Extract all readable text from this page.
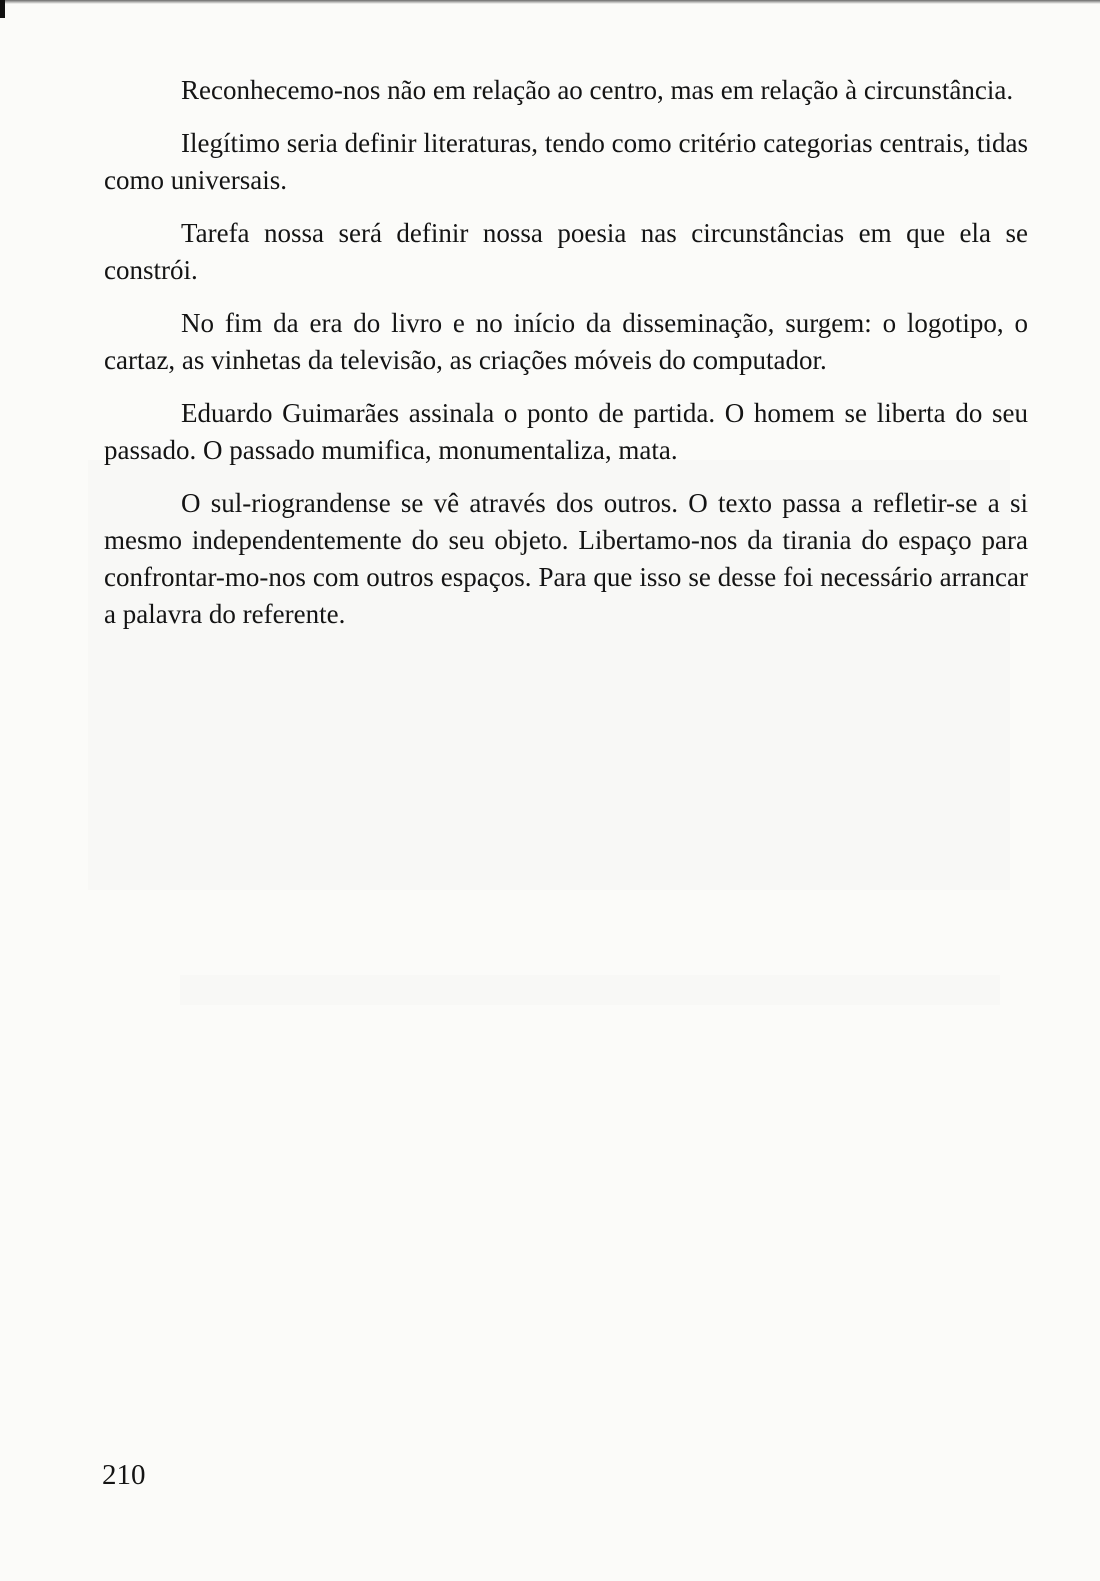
Reconhecemo-nos não em relação ao centro, mas em relação à circunstância.

Ilegítimo seria definir literaturas, tendo como critério categorias centrais, tidas como universais.

Tarefa nossa será definir nossa poesia nas circunstâncias em que ela se constrói.

No fim da era do livro e no início da disseminação, surgem: o logotipo, o cartaz, as vinhetas da televisão, as criações móveis do computador.

Eduardo Guimarães assinala o ponto de partida. O homem se liberta do seu passado. O passado mumifica, monumentaliza, mata.

O sul-riograndense se vê através dos outros. O texto passa a refletir-se a si mesmo independentemente do seu objeto. Libertamo-nos da tirania do espaço para confrontar-mo-nos com outros espaços. Para que isso se desse foi necessário arrancar a palavra do referente.

210
